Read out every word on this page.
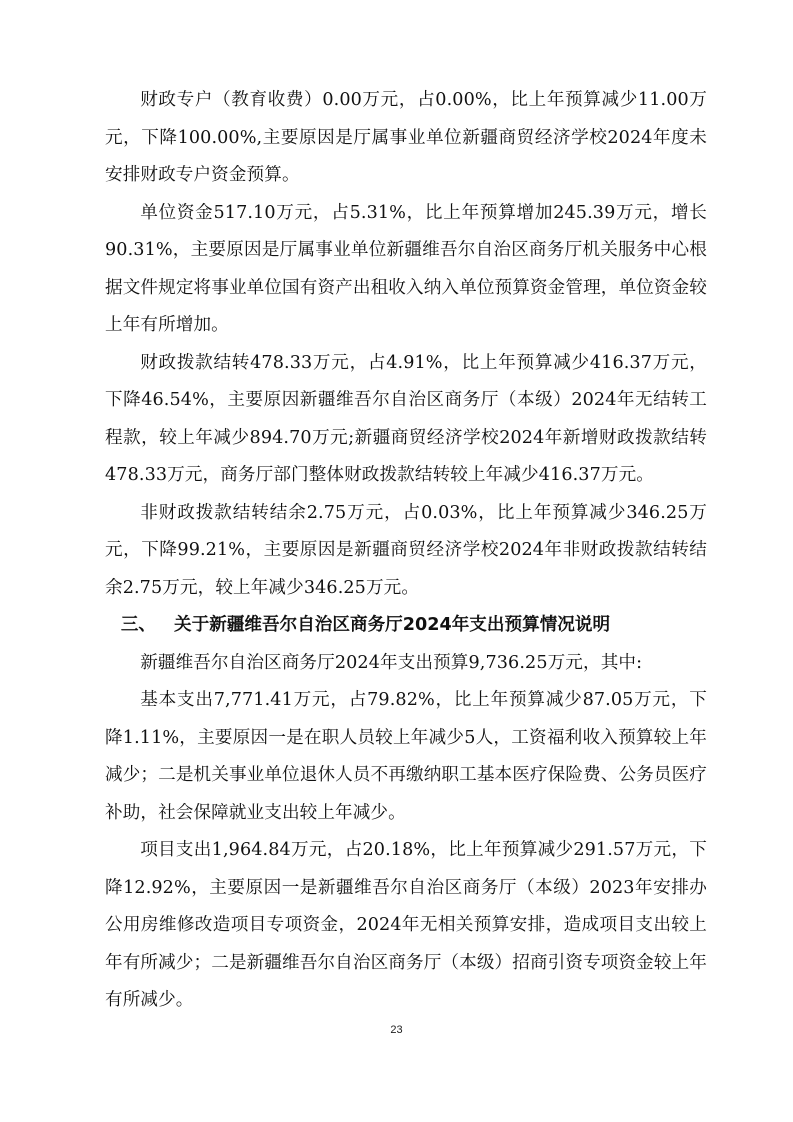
财政专户（教育收费）0.00万元，占0.00%，比上年预算减少11.00万元，下降100.00%,主要原因是厅属事业单位新疆商贸经济学校2024年度未安排财政专户资金预算。

单位资金517.10万元，占5.31%，比上年预算增加245.39万元，增长90.31%，主要原因是厅属事业单位新疆维吾尔自治区商务厅机关服务中心根据文件规定将事业单位国有资产出租收入纳入单位预算资金管理，单位资金较上年有所增加。

财政拨款结转478.33万元，占4.91%，比上年预算减少416.37万元，下降46.54%，主要原因新疆维吾尔自治区商务厅（本级）2024年无结转工程款，较上年减少894.70万元;新疆商贸经济学校2024年新增财政拨款结转478.33万元，商务厅部门整体财政拨款结转较上年减少416.37万元。

非财政拨款结转结余2.75万元，占0.03%，比上年预算减少346.25万元，下降99.21%，主要原因是新疆商贸经济学校2024年非财政拨款结转结余2.75万元，较上年减少346.25万元。

三、 关于新疆维吾尔自治区商务厅2024年支出预算情况说明

新疆维吾尔自治区商务厅2024年支出预算9,736.25万元，其中:

基本支出7,771.41万元，占79.82%，比上年预算减少87.05万元，下降1.11%，主要原因一是在职人员较上年减少5人，工资福利收入预算较上年减少；二是机关事业单位退休人员不再缴纳职工基本医疗保险费、公务员医疗补助，社会保障就业支出较上年减少。

项目支出1,964.84万元，占20.18%，比上年预算减少291.57万元，下降12.92%，主要原因一是新疆维吾尔自治区商务厅（本级）2023年安排办公用房维修改造项目专项资金，2024年无相关预算安排，造成项目支出较上年有所减少；二是新疆维吾尔自治区商务厅（本级）招商引资专项资金较上年有所减少。

23
